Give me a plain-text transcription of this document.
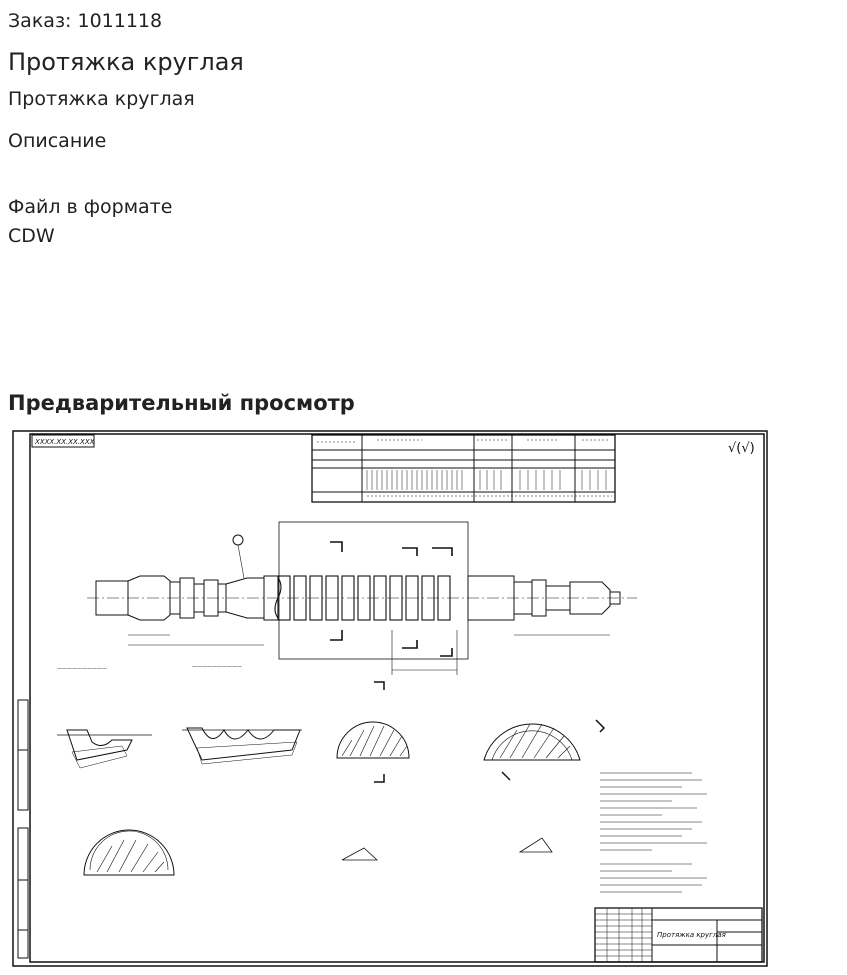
Заказ: 1011118
Протяжка круглая
Протяжка круглая
Описание
Файл в формате CDW
Предварительный просмотр
ХХХХ.ХХ.ХХ.ХХХ	√(√)
——————————	——————————
Протяжка круглая
